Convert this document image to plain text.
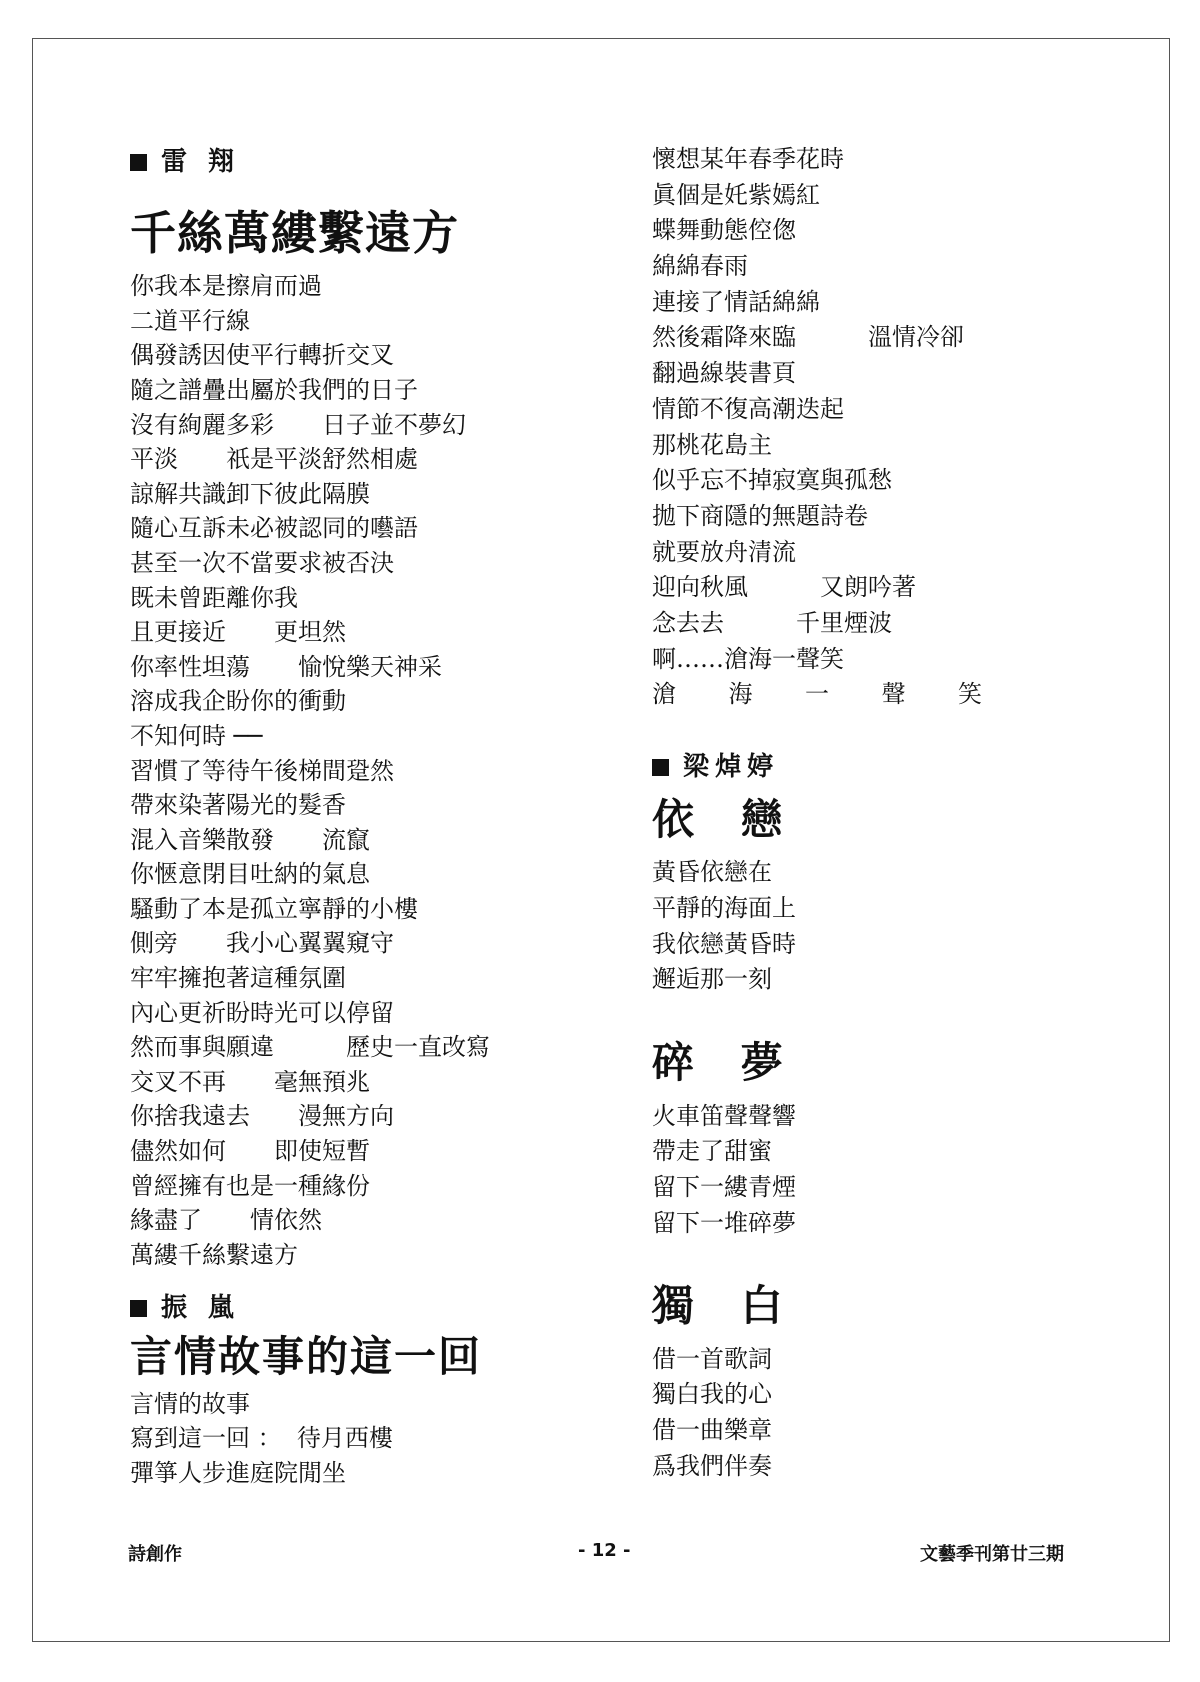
雷 翔
千絲萬縷繫遠方
你我本是擦肩而過
二道平行線
偶發誘因使平行轉折交叉
隨之譜疊出屬於我們的日子
沒有絢麗多彩　　日子並不夢幻
平淡　　祇是平淡舒然相處
諒解共識卸下彼此隔膜
隨心互訴未必被認同的囈語
甚至一次不當要求被否決
既未曾距離你我
且更接近　　更坦然
你率性坦蕩　　愉悅樂天神采
溶成我企盼你的衝動
不知何時 ──
習慣了等待午後梯間跫然
帶來染著陽光的髮香
混入音樂散發　　流竄
你愜意閉目吐納的氣息
騷動了本是孤立寧靜的小樓
側旁　　我小心翼翼窺守
牢牢擁抱著這種氛圍
內心更祈盼時光可以停留
然而事與願違　　　歷史一直改寫
交叉不再　　毫無預兆
你捨我遠去　　漫無方向
儘然如何　　即使短暫
曾經擁有也是一種緣份
緣盡了　　情依然
萬縷千絲繫遠方
振 嵐
言情故事的這一回
言情的故事
寫到這一回 ：  待月西樓
彈箏人步進庭院閒坐
懷想某年春季花時
眞個是奼紫嫣紅
蝶舞動態倥偬
綿綿春雨
連接了情話綿綿
然後霜降來臨　　　溫情冷卻
翻過線裝書頁
情節不復高潮迭起
那桃花島主
似乎忘不掉寂寞與孤愁
拋下商隱的無題詩卷
就要放舟清流
迎向秋風　　　又朗吟著
念去去　　　千里煙波
啊……滄海一聲笑
滄 海 一 聲 笑
梁焯婷
依 戀
黃昏依戀在
平靜的海面上
我依戀黃昏時
邂逅那一刻
碎 夢
火車笛聲聲響
帶走了甜蜜
留下一縷青煙
留下一堆碎夢
獨 白
借一首歌詞
獨白我的心
借一曲樂章
爲我們伴奏
詩創作	- 12 -	文藝季刊第廿三期
